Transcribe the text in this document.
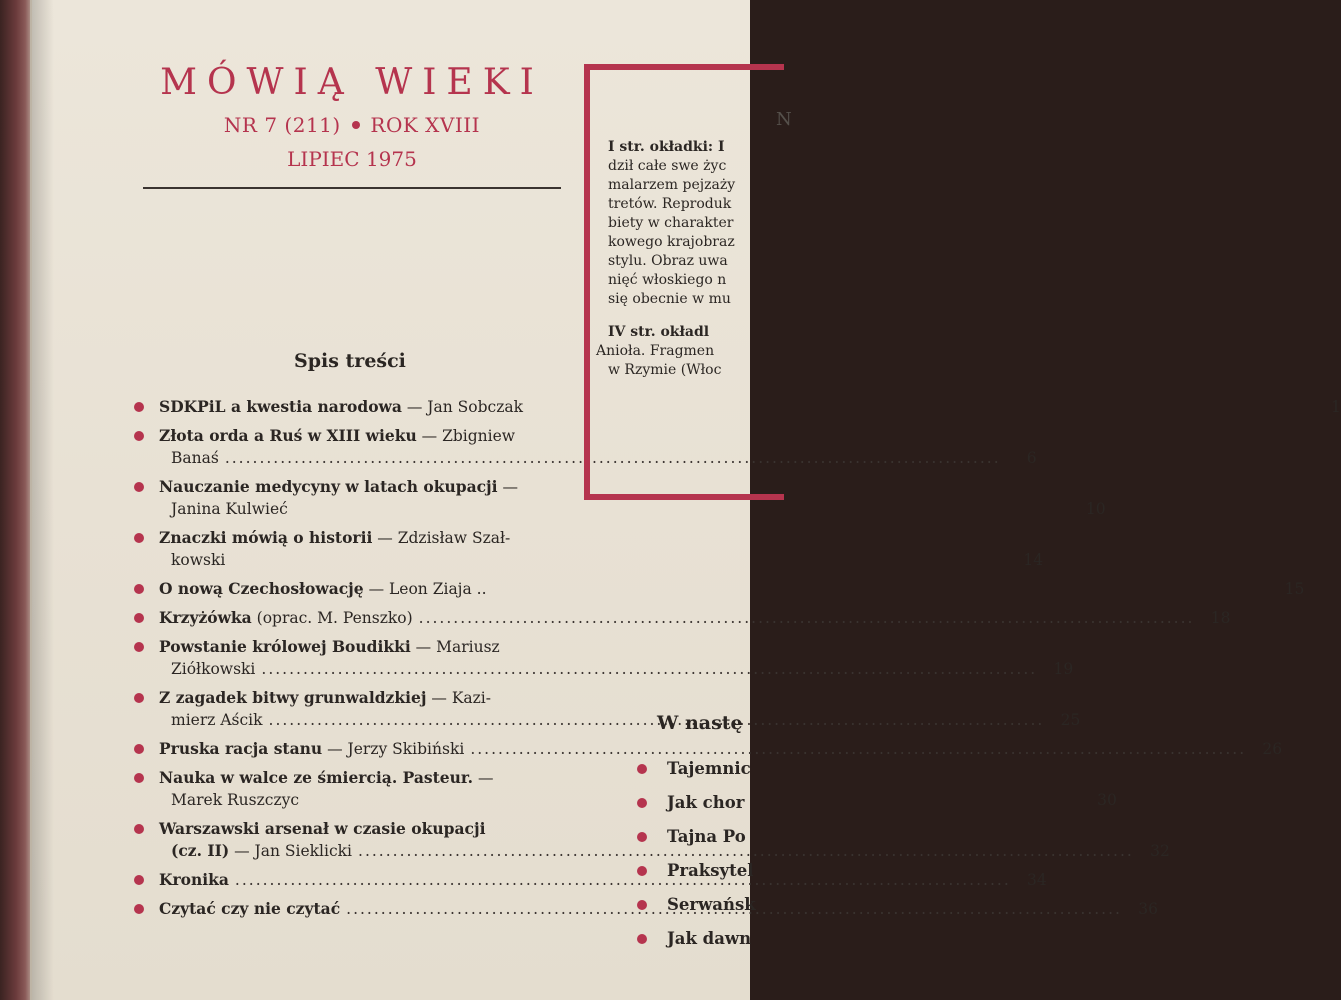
MÓWIĄ WIEKI
NR 7 (211) ROK XVIII
LIPIEC 1975
Spis treści
SDKPiL a kwestia narodowa — Jan Sobczak	1
Złota orda a Ruś w XIII wieku — Zbigniew
Banaś .....	6
Nauczanie medycyny w latach okupacji —
Janina Kulwieć	10
Znaczki mówią o historii — Zdzisław Szał-
kowski	14
O nową Czechosłowację — Leon Ziaja ..	15
Krzyżówka (oprac. M. Penszko) .....	18
Powstanie królowej Boudikki — Mariusz
Ziółkowski .....	19
Z zagadek bitwy grunwaldzkiej — Kazi-
mierz Aścik .....	25
Pruska racja stanu — Jerzy Skibiński .....	26
Nauka w walce ze śmiercią. Pasteur. —
Marek Ruszczyc	30
Warszawski arsenał w czasie okupacji
(cz. II) — Jan Sieklicki .....	32
Kronika .....	34
Czytać czy nie czytać .....	36
N

I str. okładki: I

dził całe swe życ

malarzem pejzaży

tretów. Reproduk

biety w charakter

kowego krajobraz

stylu. Obraz uwa

nięć włoskiego n

się obecnie w mu

IV str. okładl

Anioła. Fragmen

w Rzymie (Włoc

W nastę
Tajemnic
Jak chor
Tajna Po
Praksytel
Serwańsk
Jak dawn
